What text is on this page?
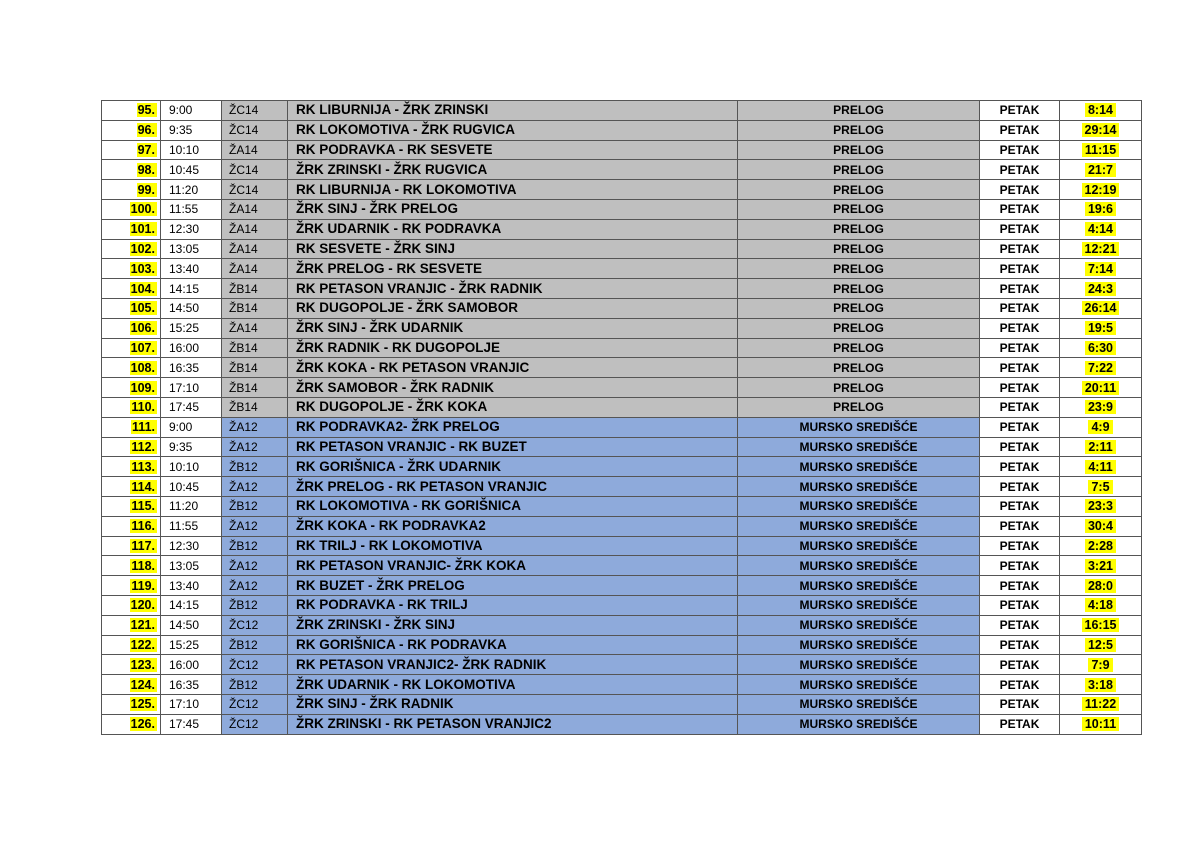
95.	9:00	ŽC14	RK LIBURNIJA - ŽRK ZRINSKI	PRELOG	PETAK	8:14
96.	9:35	ŽC14	RK LOKOMOTIVA - ŽRK RUGVICA	PRELOG	PETAK	29:14
97.	10:10	ŽA14	RK PODRAVKA - RK SESVETE	PRELOG	PETAK	11:15
98.	10:45	ŽC14	ŽRK ZRINSKI - ŽRK RUGVICA	PRELOG	PETAK	21:7
99.	11:20	ŽC14	RK LIBURNIJA - RK LOKOMOTIVA	PRELOG	PETAK	12:19
100.	11:55	ŽA14	ŽRK SINJ - ŽRK PRELOG	PRELOG	PETAK	19:6
101.	12:30	ŽA14	ŽRK UDARNIK - RK PODRAVKA	PRELOG	PETAK	4:14
102.	13:05	ŽA14	RK SESVETE - ŽRK SINJ	PRELOG	PETAK	12:21
103.	13:40	ŽA14	ŽRK PRELOG - RK SESVETE	PRELOG	PETAK	7:14
104.	14:15	ŽB14	RK PETASON VRANJIC - ŽRK RADNIK	PRELOG	PETAK	24:3
105.	14:50	ŽB14	RK DUGOPOLJE - ŽRK SAMOBOR	PRELOG	PETAK	26:14
106.	15:25	ŽA14	ŽRK SINJ - ŽRK UDARNIK	PRELOG	PETAK	19:5
107.	16:00	ŽB14	ŽRK RADNIK - RK DUGOPOLJE	PRELOG	PETAK	6:30
108.	16:35	ŽB14	ŽRK KOKA - RK PETASON VRANJIC	PRELOG	PETAK	7:22
109.	17:10	ŽB14	ŽRK SAMOBOR - ŽRK RADNIK	PRELOG	PETAK	20:11
110.	17:45	ŽB14	RK DUGOPOLJE - ŽRK KOKA	PRELOG	PETAK	23:9
111.	9:00	ŽA12	RK PODRAVKA2- ŽRK PRELOG	MURSKO SREDIŠĆE	PETAK	4:9
112.	9:35	ŽA12	RK PETASON VRANJIC - RK BUZET	MURSKO SREDIŠĆE	PETAK	2:11
113.	10:10	ŽB12	RK GORIŠNICA - ŽRK UDARNIK	MURSKO SREDIŠĆE	PETAK	4:11
114.	10:45	ŽA12	ŽRK PRELOG - RK PETASON VRANJIC	MURSKO SREDIŠĆE	PETAK	7:5
115.	11:20	ŽB12	RK LOKOMOTIVA - RK GORIŠNICA	MURSKO SREDIŠĆE	PETAK	23:3
116.	11:55	ŽA12	ŽRK KOKA - RK PODRAVKA2	MURSKO SREDIŠĆE	PETAK	30:4
117.	12:30	ŽB12	RK TRILJ - RK LOKOMOTIVA	MURSKO SREDIŠĆE	PETAK	2:28
118.	13:05	ŽA12	RK PETASON VRANJIC- ŽRK KOKA	MURSKO SREDIŠĆE	PETAK	3:21
119.	13:40	ŽA12	RK BUZET - ŽRK PRELOG	MURSKO SREDIŠĆE	PETAK	28:0
120.	14:15	ŽB12	RK PODRAVKA - RK TRILJ	MURSKO SREDIŠĆE	PETAK	4:18
121.	14:50	ŽC12	ŽRK ZRINSKI - ŽRK SINJ	MURSKO SREDIŠĆE	PETAK	16:15
122.	15:25	ŽB12	RK GORIŠNICA - RK PODRAVKA	MURSKO SREDIŠĆE	PETAK	12:5
123.	16:00	ŽC12	RK PETASON VRANJIC2- ŽRK RADNIK	MURSKO SREDIŠĆE	PETAK	7:9
124.	16:35	ŽB12	ŽRK UDARNIK - RK LOKOMOTIVA	MURSKO SREDIŠĆE	PETAK	3:18
125.	17:10	ŽC12	ŽRK SINJ - ŽRK RADNIK	MURSKO SREDIŠĆE	PETAK	11:22
126.	17:45	ŽC12	ŽRK ZRINSKI - RK PETASON VRANJIC2	MURSKO SREDIŠĆE	PETAK	10:11
